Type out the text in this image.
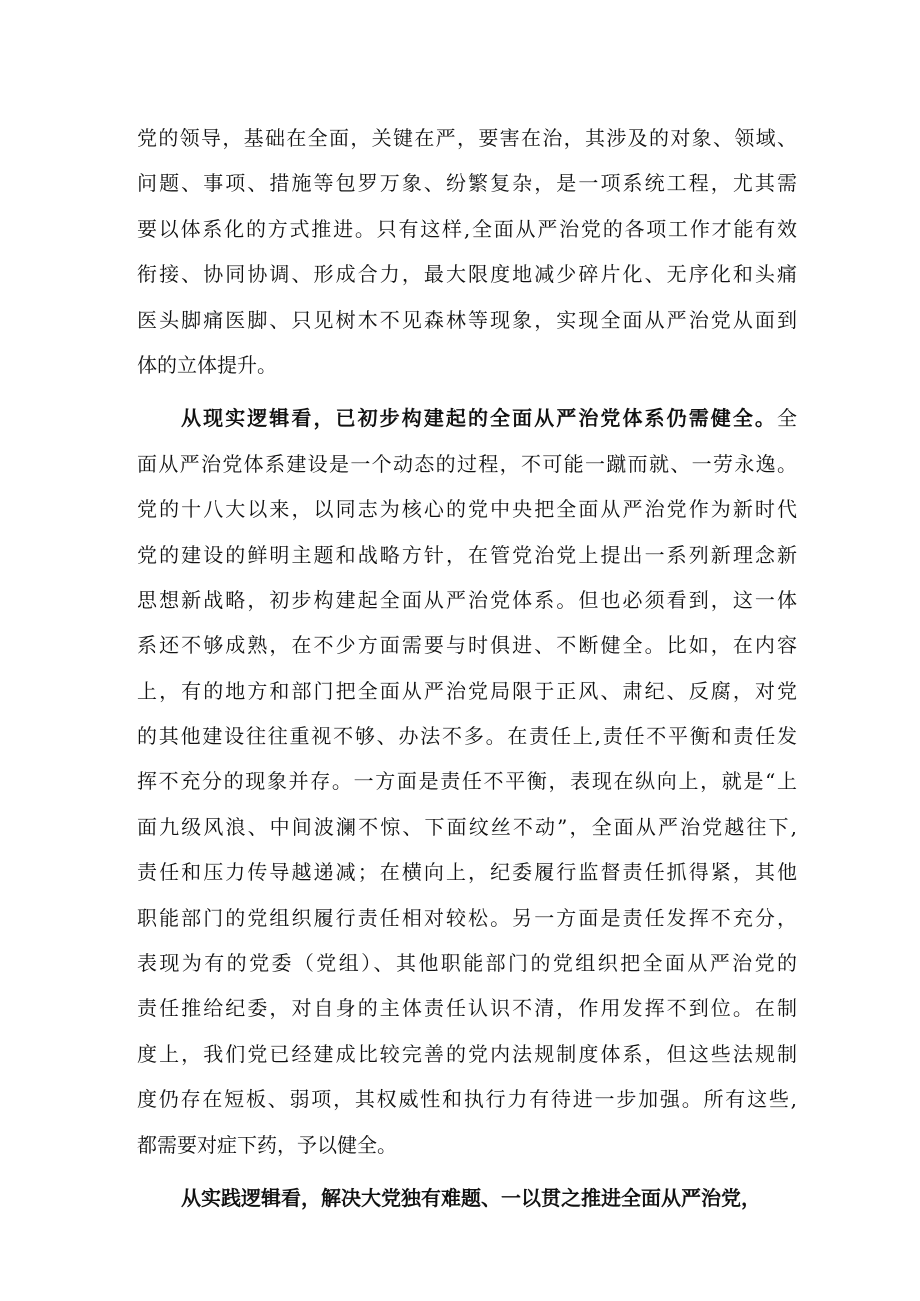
党的领导，基础在全面，关键在严，要害在治，其涉及的对象、领域、
问题、事项、措施等包罗万象、纷繁复杂，是一项系统工程，尤其需
要以体系化的方式推进。只有这样,全面从严治党的各项工作才能有效
衔接、协同协调、形成合力，最大限度地减少碎片化、无序化和头痛
医头脚痛医脚、只见树木不见森林等现象，实现全面从严治党从面到
体的立体提升。
从现实逻辑看，已初步构建起的全面从严治党体系仍需健全。全
面从严治党体系建设是一个动态的过程，不可能一蹴而就、一劳永逸。
党的十八大以来，以同志为核心的党中央把全面从严治党作为新时代
党的建设的鲜明主题和战略方针，在管党治党上提出一系列新理念新
思想新战略，初步构建起全面从严治党体系。但也必须看到，这一体
系还不够成熟，在不少方面需要与时俱进、不断健全。比如，在内容
上，有的地方和部门把全面从严治党局限于正风、肃纪、反腐，对党
的其他建设往往重视不够、办法不多。在责任上,责任不平衡和责任发
挥不充分的现象并存。一方面是责任不平衡，表现在纵向上，就是“上
面九级风浪、中间波澜不惊、下面纹丝不动”，全面从严治党越往下,
责任和压力传导越递减；在横向上，纪委履行监督责任抓得紧，其他
职能部门的党组织履行责任相对较松。另一方面是责任发挥不充分，
表现为有的党委（党组）、其他职能部门的党组织把全面从严治党的
责任推给纪委，对自身的主体责任认识不清，作用发挥不到位。在制
度上，我们党已经建成比较完善的党内法规制度体系，但这些法规制
度仍存在短板、弱项，其权威性和执行力有待进一步加强。所有这些,
都需要对症下药，予以健全。
从实践逻辑看，解决大党独有难题、一以贯之推进全面从严治党，
